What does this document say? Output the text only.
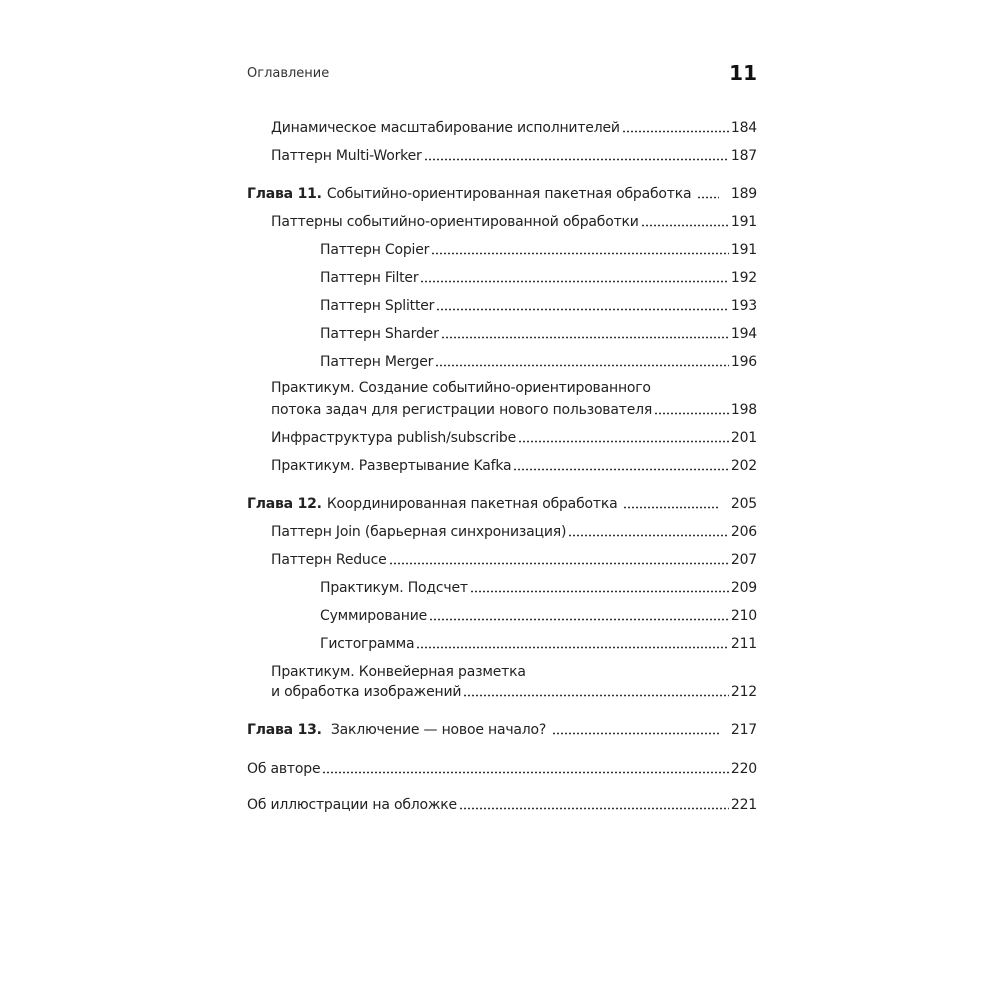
Оглавление	11
Динамическое масштабирование исполнителей	184
Паттерн Multi-Worker	187
Глава 11. Событийно-ориентированная пакетная обработка	189
Паттерны событийно-ориентированной обработки	191
Паттерн Copier	191
Паттерн Filter	192
Паттерн Splitter	193
Паттерн Sharder	194
Паттерн Merger	196
Практикум. Создание событийно-ориентированного
потока задач для регистрации нового пользователя	198
Инфраструктура publish/subscribe	201
Практикум. Развертывание Kafka	202
Глава 12. Координированная пакетная обработка	205
Паттерн Join (барьерная синхронизация)	206
Паттерн Reduce	207
Практикум. Подсчет	209
Суммирование	210
Гистограмма	211
Практикум. Конвейерная разметка
и обработка изображений	212
Глава 13. Заключение — новое начало?	217
Об авторе	220
Об иллюстрации на обложке	221
